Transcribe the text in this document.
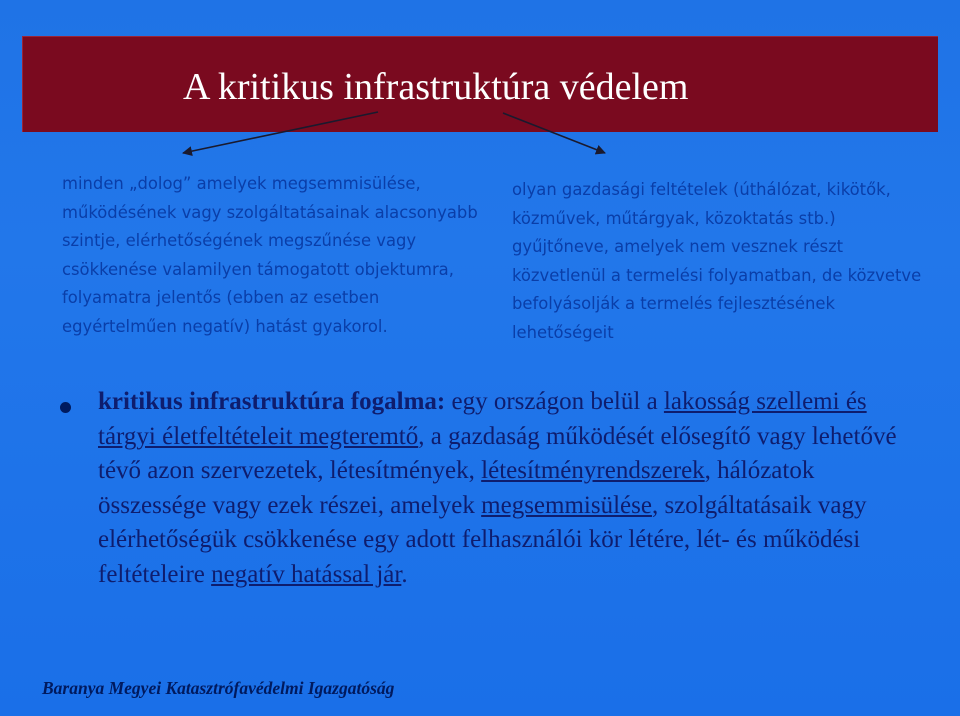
A kritikus infrastruktúra védelem

minden „dolog” amelyek megsemmisülése, működésének vagy szolgáltatásainak alacsonyabb szintje, elérhetőségének megszűnése vagy csökkenése valamilyen támogatott objektumra, folyamatra jelentős (ebben az esetben egyértelműen negatív) hatást gyakorol.

olyan gazdasági feltételek (úthálózat, kikötők, közművek, műtárgyak, közoktatás stb.) gyűjtőneve, amelyek nem vesznek részt közvetlenül a termelési folyamatban, de közvetve befolyásolják a termelés fejlesztésének lehetőségeit

kritikus infrastruktúra fogalma: egy országon belül a lakosság szellemi és tárgyi életfeltételeit megteremtő, a gazdaság működését elősegítő vagy lehetővé tévő azon szervezetek, létesítmények, létesítményrendszerek, hálózatok összessége vagy ezek részei, amelyek megsemmisülése, szolgáltatásaik vagy elérhetőségük csökkenése egy adott felhasználói kör létére, lét- és működési feltételeire negatív hatással jár.

Baranya Megyei Katasztrófavédelmi Igazgatóság
